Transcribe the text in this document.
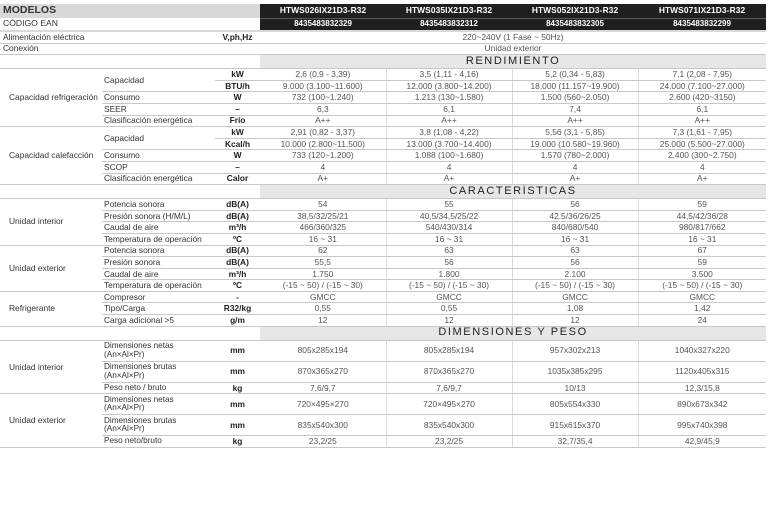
MODELOS			HTWS026IX21D3-R32	HTWS035IX21D3-R32	HTWS052IX21D3-R32	HTWS071IX21D3-R32
CÓDIGO EAN			8435483832329	8435483832312	8435483832305	8435483832299

Alimentación eléctrica		V,ph,Hz	220~240V (1 Fase ~ 50Hz)			
Conexión			Unidad exterior			
			RENDIMIENTO			
Capacidad refrigeración	Capacidad	kW	2,6 (0,9 - 3,39)	3,5 (1,11 - 4,16)	5,2 (0,34 - 5,83)	7,1 (2,08 - 7,95)
		BTU/h	9.000 (3.100~11.600)	12.000 (3.800~14.200)	18.000 (11.157~19.900)	24.000 (7.100~27.000)
	Consumo	W	732 (100~1.240)	1.213 (130~1.580)	1.500 (560~2.050)	2.600 (420~3150)
	SEER	–	6,3	6,1	7,4	6,1
	Clasificación energética	Frío	A++	A++	A++	A++
Capacidad calefacción	Capacidad	kW	2,91 (0,82 - 3,37)	3,8 (1,08 - 4,22)	5,56 (3,1 - 5,85)	7,3 (1,61 - 7,95)
		Kcal/h	10.000 (2.800~11.500)	13.000 (3.700~14.400)	19.000 (10.580~19.960)	25.000 (5.500~27.000)
	Consumo	W	733 (120~1.200)	1.088 (100~1.680)	1.570 (780~2.000)	2.400 (300~2.750)
	SCOP	–	4	4	4	4
	Clasificación energética	Calor	A+	A+	A+	A+
			CARACTERÍSTICAS			
Unidad interior	Potencia sonora	dB(A)	54	55	56	59
	Presión sonora (H/M/L)	dB(A)	38,5/32/25/21	40,5/34,5/25/22	42.5/36/26/25	44,5/42/36/28
	Caudal de aire	m³/h	466/360/325	540/430/314	840/680/540	980/817/662
	Temperatura de operación	ºC	16 ~ 31	16 ~ 31	16 ~ 31	16 ~ 31
Unidad exterior	Potencia sonora	dB(A)	62	63	63	67
	Presión sonora	dB(A)	55,5	56	56	59
	Caudal de aire	m³/h	1.750	1.800	2.100	3.500
	Temperatura de operación	ºC	(-15 ~ 50) / (-15 ~ 30)	(-15 ~ 50) / (-15 ~ 30)	(-15 ~ 50) / (-15 ~ 30)	(-15 ~ 50) / (-15 ~ 30)
Refrigerante	Compresor	-	GMCC	GMCC	GMCC	GMCC
	Tipo/Carga	R32/kg	0,55	0,55	1,08	1,42
	Carga adicional >5	g/m	12	12	12	24
			DIMENSIONES Y PESO			
Unidad interior	Dimensiones netas (An×Al×Pr)	mm	805x285x194	805x285x194	957x302x213	1040x327x220
	Dimensiones brutas (An×Al×Pr)	mm	870x365x270	870x365x270	1035x385x295	1120x405x315
	Peso neto / bruto	kg	7,6/9,7	7,6/9,7	10/13	12,3/15,8
Unidad exterior	Dimensiones netas (An×Al×Pr)	mm	720×495×270	720×495×270	805x554x330	890x673x342
	Dimensiones brutas (An×Al×Pr)	mm	835x540x300	835x540x300	915x615x370	995x740x398
	Peso neto/bruto	kg	23,2/25	23,2/25	32,7/35,4	42,9/45,9
